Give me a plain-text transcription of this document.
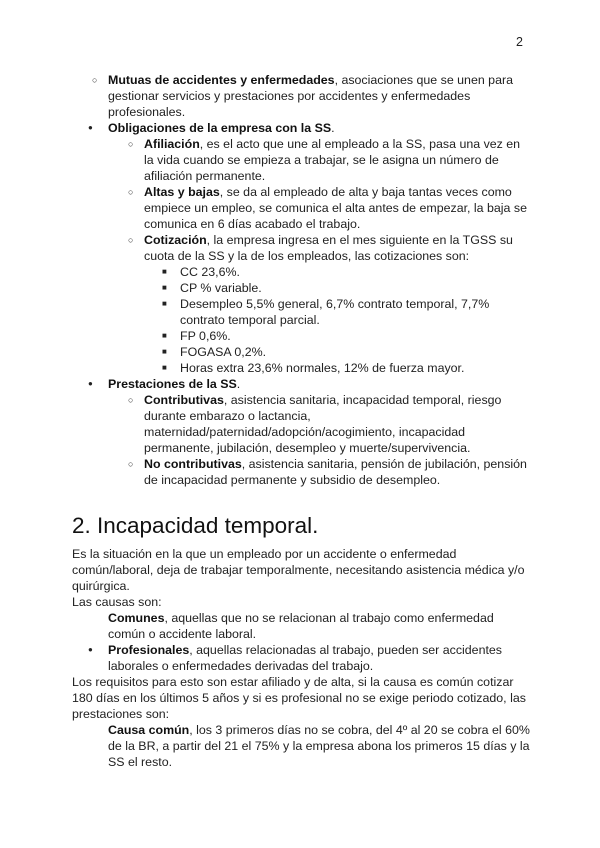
2
○ Mutuas de accidentes y enfermedades, asociaciones que se unen para gestionar servicios y prestaciones por accidentes y enfermedades profesionales.
● Obligaciones de la empresa con la SS.
○ Afiliación, es el acto que une al empleado a la SS, pasa una vez en la vida cuando se empieza a trabajar, se le asigna un número de afiliación permanente.
○ Altas y bajas, se da al empleado de alta y baja tantas veces como empiece un empleo, se comunica el alta antes de empezar, la baja se comunica en 6 días acabado el trabajo.
○ Cotización, la empresa ingresa en el mes siguiente en la TGSS su cuota de la SS y la de los empleados, las cotizaciones son:
■ CC 23,6%.
■ CP % variable.
■ Desempleo 5,5% general, 6,7% contrato temporal, 7,7% contrato temporal parcial.
■ FP 0,6%.
■ FOGASA 0,2%.
■ Horas extra 23,6% normales, 12% de fuerza mayor.
● Prestaciones de la SS.
○ Contributivas, asistencia sanitaria, incapacidad temporal, riesgo durante embarazo o lactancia, maternidad/paternidad/adopción/acogimiento, incapacidad permanente, jubilación, desempleo y muerte/supervivencia.
○ No contributivas, asistencia sanitaria, pensión de jubilación, pensión de incapacidad permanente y subsidio de desempleo.
2. Incapacidad temporal.

Es la situación en la que un empleado por un accidente o enfermedad común/laboral, deja de trabajar temporalmente, necesitando asistencia médica y/o quirúrgica.

Las causas son:

Comunes, aquellas que no se relacionan al trabajo como enfermedad común o accidente laboral.
● Profesionales, aquellas relacionadas al trabajo, pueden ser accidentes laborales o enfermedades derivadas del trabajo.

Los requisitos para esto son estar afiliado y de alta, si la causa es común cotizar 180 días en los últimos 5 años y si es profesional no se exige periodo cotizado, las prestaciones son:

Causa común, los 3 primeros días no se cobra, del 4º al 20 se cobra el 60% de la BR, a partir del 21 el 75% y la empresa abona los primeros 15 días y la SS el resto.
